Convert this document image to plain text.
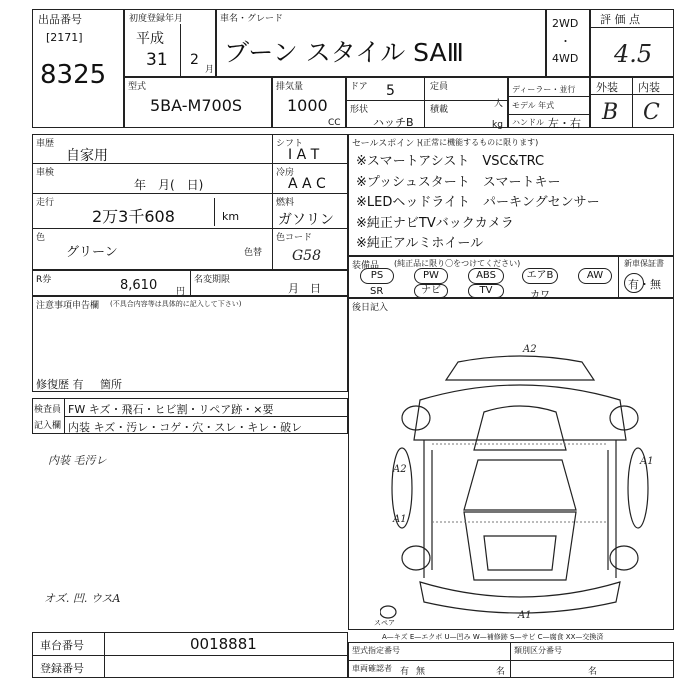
出品番号
[2171]
8325
初度登録年月
平成
31 2
月
車名・グレード
ブーン スタイル SAⅢ
2WD
・
4WD
評 価 点
4.5
型式
5BA-M700S
排気量
1000
CC
ドア 5	定員
人
形状
ハッチB
積載
kg
ディーラー・並行
モデル 年式
ハンドル 左・右
外装 内装
B C
車歴
自家用
シフト
I A T
車検
年　月(　日)
冷房
A A C
走行
2万3千608	km
燃料
ガソリン
色
グリーン	色替
色コード
G58
R券	8,610 円
名変期限
月　日
注意事項申告欄 (不具合内容等は具体的に記入して下さい)
修復歴 有 箇所
検査員
記入欄
FW キズ・飛石・ヒビ割・リペア跡・×要
内装 キズ・汚レ・コゲ・穴・スレ・キレ・破レ
内装 毛汚レ
オズ. 凹. ウスA
車台番号	0018881
登録番号
セールスポイント
(正常に機能するものに限ります)
※スマートアシスト　VSC&TRC
※プッシュスタート　スマートキー
※LEDヘッドライト　パーキングセンサー
※純正ナビTVバックカメラ
※純正アルミホイール
装備品 (純正品に限り〇をつけてください)
PS	PW	ABS	エアB	AW
SR	ナビ	TV	カワ
新車保証書
有・無
後日記入
A2
A2
A1
A1
A1
スペア
A—キズ E—エクボ U—凹み W—補修跡 S—サビ C—腐食 XX—交換済
型式指定番号	類別区分番号
車両確認者 有 無	名	名
